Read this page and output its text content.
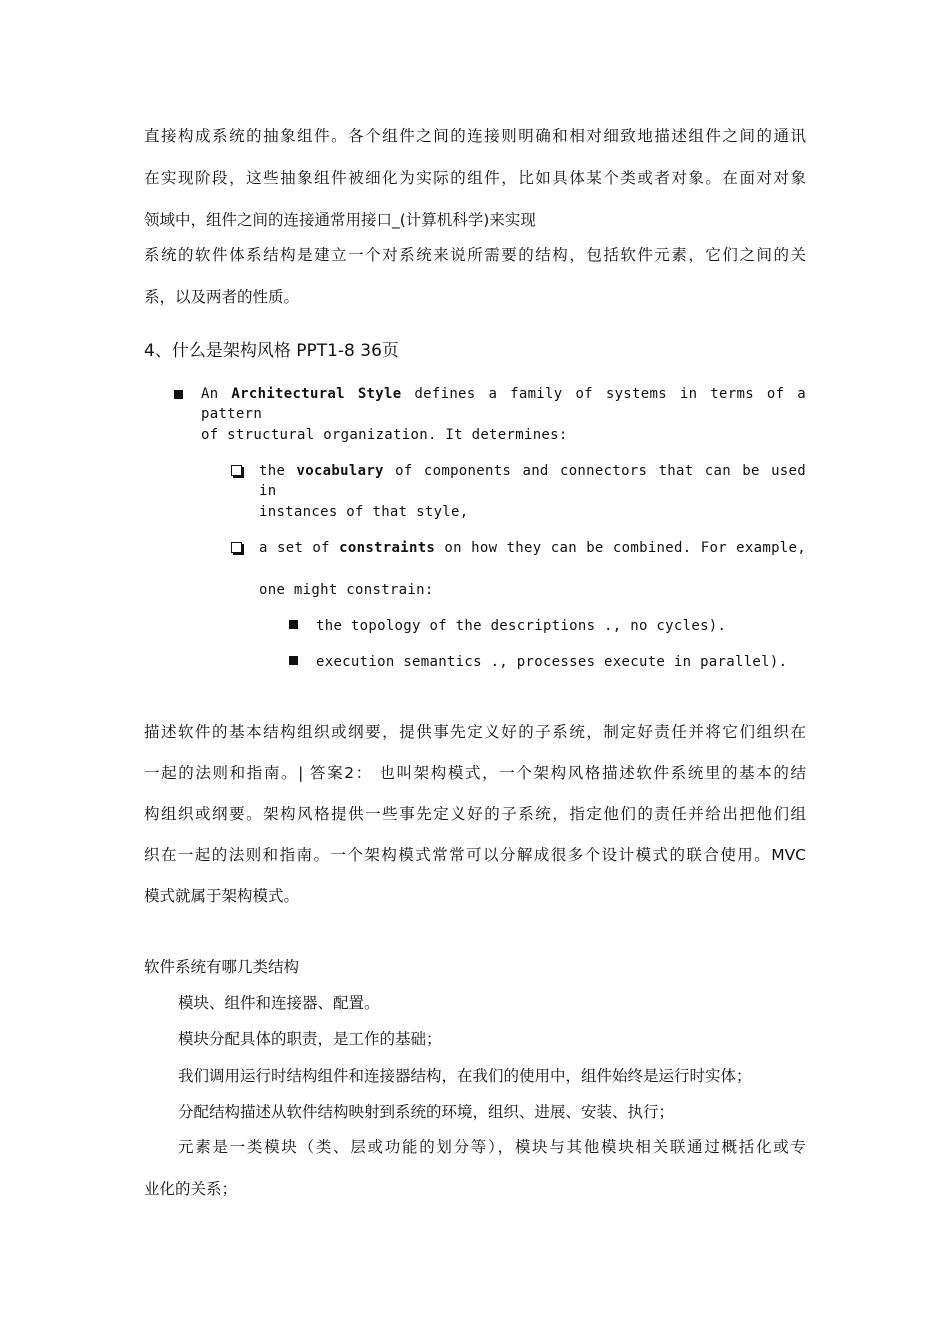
直接构成系统的抽象组件。各个组件之间的连接则明确和相对细致地描述组件之间的通讯
在实现阶段，这些抽象组件被细化为实际的组件，比如具体某个类或者对象。在面对对象
领域中，组件之间的连接通常用接口_(计算机科学)来实现
系统的软件体系结构是建立一个对系统来说所需要的结构，包括软件元素，它们之间的关
系，以及两者的性质。
4、什么是架构风格 PPT1-8 36页
An Architectural Style defines a family of systems in terms of a pattern
of structural organization. It determines:
the vocabulary of components and connectors that can be used in
instances of that style,
a set of constraints on how they can be combined. For example,
one might constrain:
the topology of the descriptions ., no cycles).
execution semantics ., processes execute in parallel).
描述软件的基本结构组织或纲要，提供事先定义好的子系统，制定好责任并将它们组织在
一起的法则和指南。| 答案2： 也叫架构模式，一个架构风格描述软件系统里的基本的结
构组织或纲要。架构风格提供一些事先定义好的子系统，指定他们的责任并给出把他们组
织在一起的法则和指南。一个架构模式常常可以分解成很多个设计模式的联合使用。MVC
模式就属于架构模式。
软件系统有哪几类结构
模块、组件和连接器、配置。
模块分配具体的职责，是工作的基础；
我们调用运行时结构组件和连接器结构，在我们的使用中，组件始终是运行时实体；
分配结构描述从软件结构映射到系统的环境，组织、进展、安装、执行；
元素是一类模块（类、层或功能的划分等），模块与其他模块相关联通过概括化或专
业化的关系；
